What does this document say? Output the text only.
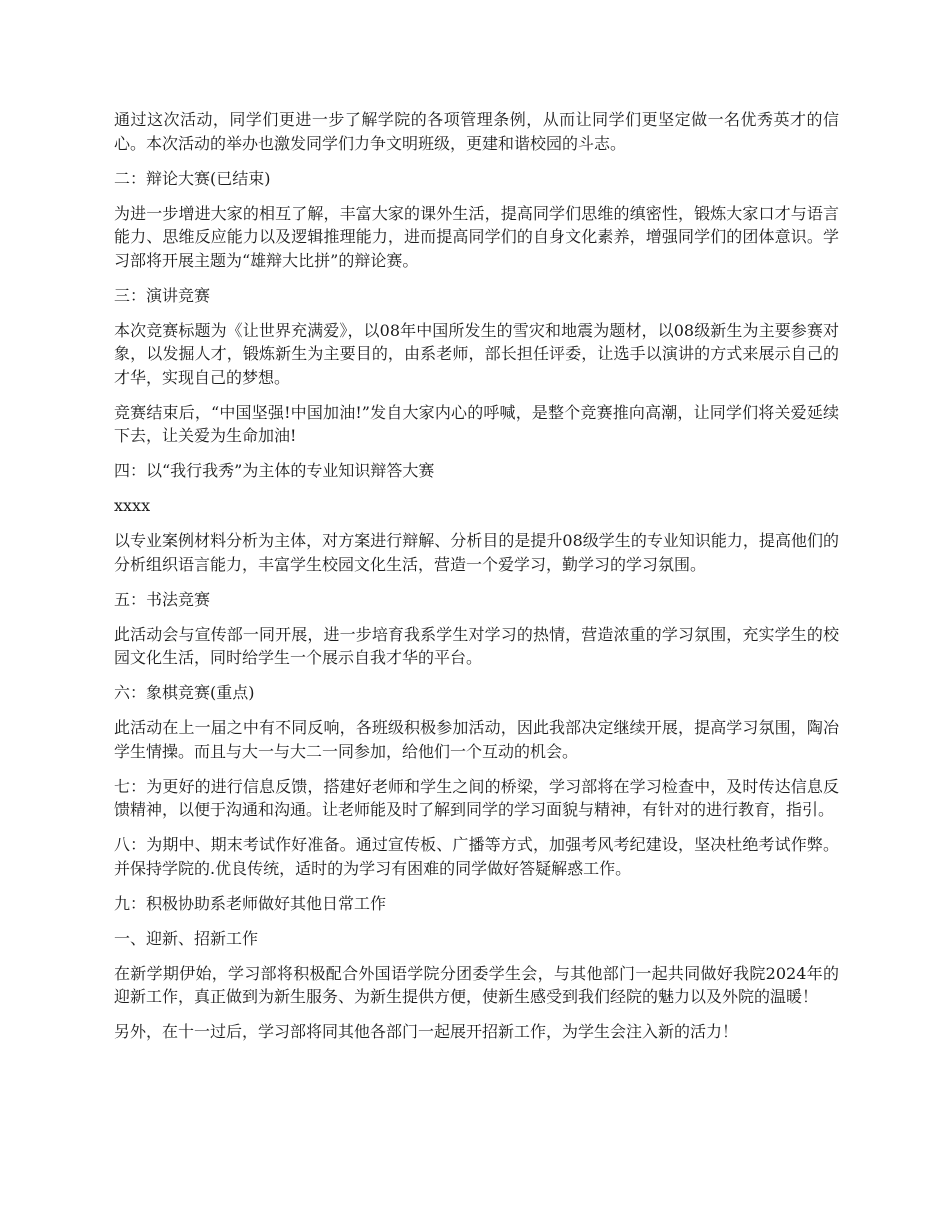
通过这次活动，同学们更进一步了解学院的各项管理条例，从而让同学们更坚定做一名优秀英才的信心。本次活动的举办也激发同学们力争文明班级，更建和谐校园的斗志。

二：辩论大赛(已结束)

为进一步增进大家的相互了解，丰富大家的课外生活，提高同学们思维的缜密性，锻炼大家口才与语言能力、思维反应能力以及逻辑推理能力，进而提高同学们的自身文化素养，增强同学们的团体意识。学习部将开展主题为“雄辩大比拼”的辩论赛。

三：演讲竞赛

本次竞赛标题为《让世界充满爱》，以08年中国所发生的雪灾和地震为题材，以08级新生为主要参赛对象，以发掘人才，锻炼新生为主要目的，由系老师，部长担任评委，让选手以演讲的方式来展示自己的才华，实现自己的梦想。

竞赛结束后，“中国坚强!中国加油!”发自大家内心的呼喊，是整个竞赛推向高潮，让同学们将关爱延续下去，让关爱为生命加油!

四：以“我行我秀”为主体的专业知识辩答大赛

xxxx

以专业案例材料分析为主体，对方案进行辩解、分析目的是提升08级学生的专业知识能力，提高他们的分析组织语言能力，丰富学生校园文化生活，营造一个爱学习，勤学习的学习氛围。

五：书法竞赛

此活动会与宣传部一同开展，进一步培育我系学生对学习的热情，营造浓重的学习氛围，充实学生的校园文化生活，同时给学生一个展示自我才华的平台。

六：象棋竞赛(重点)

此活动在上一届之中有不同反响，各班级积极参加活动，因此我部决定继续开展，提高学习氛围，陶冶学生情操。而且与大一与大二一同参加，给他们一个互动的机会。

七：为更好的进行信息反馈，搭建好老师和学生之间的桥梁，学习部将在学习检查中，及时传达信息反馈精神，以便于沟通和沟通。让老师能及时了解到同学的学习面貌与精神，有针对的进行教育，指引。

八：为期中、期末考试作好准备。通过宣传板、广播等方式，加强考风考纪建设，坚决杜绝考试作弊。并保持学院的.优良传统，适时的为学习有困难的同学做好答疑解惑工作。

九：积极协助系老师做好其他日常工作

一、迎新、招新工作

在新学期伊始，学习部将积极配合外国语学院分团委学生会，与其他部门一起共同做好我院2024年的迎新工作，真正做到为新生服务、为新生提供方便，使新生感受到我们经院的魅力以及外院的温暖！

另外，在十一过后，学习部将同其他各部门一起展开招新工作，为学生会注入新的活力！
